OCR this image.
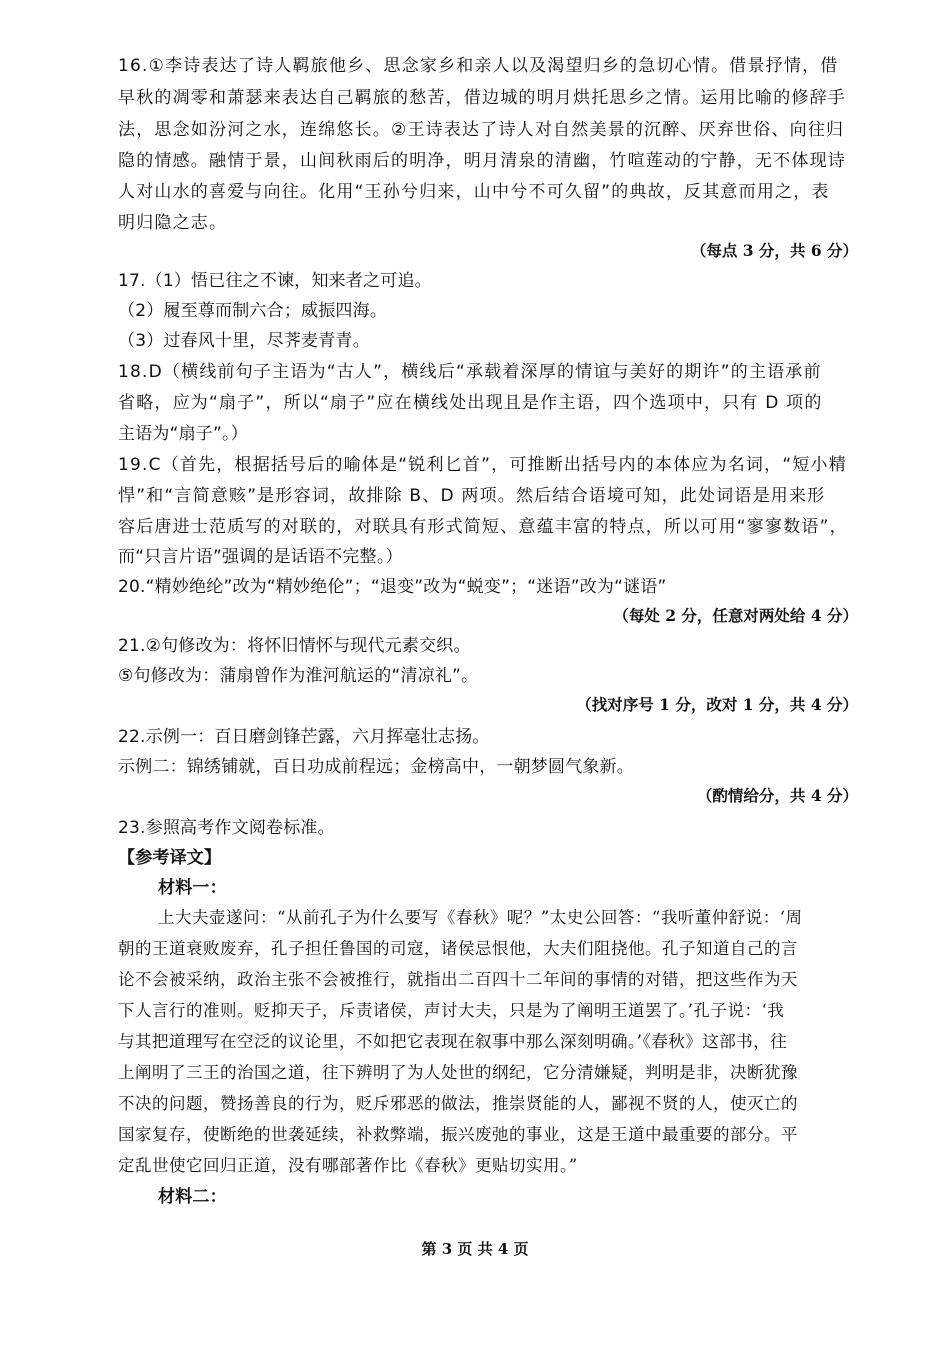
16.①李诗表达了诗人羁旅他乡、思念家乡和亲人以及渴望归乡的急切心情。借景抒情，借
早秋的凋零和萧瑟来表达自己羁旅的愁苦，借边城的明月烘托思乡之情。运用比喻的修辞手
法，思念如汾河之水，连绵悠长。②王诗表达了诗人对自然美景的沉醉、厌弃世俗、向往归
隐的情感。融情于景，山间秋雨后的明净，明月清泉的清幽，竹喧莲动的宁静，无不体现诗
人对山水的喜爱与向往。化用“王孙兮归来，山中兮不可久留”的典故，反其意而用之，表
明归隐之志。
（每点 3 分，共 6 分）
17.（1）悟已往之不谏，知来者之可追。
（2）履至尊而制六合；威振四海。
（3）过春风十里，尽荠麦青青。
18.D（横线前句子主语为“古人”，横线后“承载着深厚的情谊与美好的期许”的主语承前
省略，应为“扇子”，所以“扇子”应在横线处出现且是作主语，四个选项中，只有 D 项的
主语为“扇子”。）
19.C（首先，根据括号后的喻体是“锐利匕首”，可推断出括号内的本体应为名词，“短小精
悍”和“言简意赅”是形容词，故排除 B、D 两项。然后结合语境可知，此处词语是用来形
容后唐进士范质写的对联的，对联具有形式简短、意蕴丰富的特点，所以可用“寥寥数语”，
而“只言片语”强调的是话语不完整。）
20.“精妙绝纶”改为“精妙绝伦”；“退变”改为“蜕变”；“迷语”改为“谜语”
（每处 2 分，任意对两处给 4 分）
21.②句修改为：将怀旧情怀与现代元素交织。
⑤句修改为：蒲扇曾作为淮河航运的“清凉礼”。
（找对序号 1 分，改对 1 分，共 4 分）
22.示例一：百日磨剑锋芒露，六月挥毫壮志扬。
示例二：锦绣铺就，百日功成前程远；金榜高中，一朝梦圆气象新。
（酌情给分，共 4 分）
23.参照高考作文阅卷标准。
【参考译文】
材料一：
上大夫壶遂问：“从前孔子为什么要写《春秋》呢？”太史公回答：“我听董仲舒说：‘周
朝的王道衰败废弃，孔子担任鲁国的司寇，诸侯忌恨他，大夫们阻挠他。孔子知道自己的言
论不会被采纳，政治主张不会被推行，就指出二百四十二年间的事情的对错，把这些作为天
下人言行的准则。贬抑天子，斥责诸侯，声讨大夫，只是为了阐明王道罢了。’孔子说：‘我
与其把道理写在空泛的议论里，不如把它表现在叙事中那么深刻明确。’《春秋》这部书，往
上阐明了三王的治国之道，往下辨明了为人处世的纲纪，它分清嫌疑，判明是非，决断犹豫
不决的问题，赞扬善良的行为，贬斥邪恶的做法，推崇贤能的人，鄙视不贤的人，使灭亡的
国家复存，使断绝的世袭延续，补救弊端，振兴废弛的事业，这是王道中最重要的部分。平
定乱世使它回归正道，没有哪部著作比《春秋》更贴切实用。”
材料二：
第 3 页 共 4 页
